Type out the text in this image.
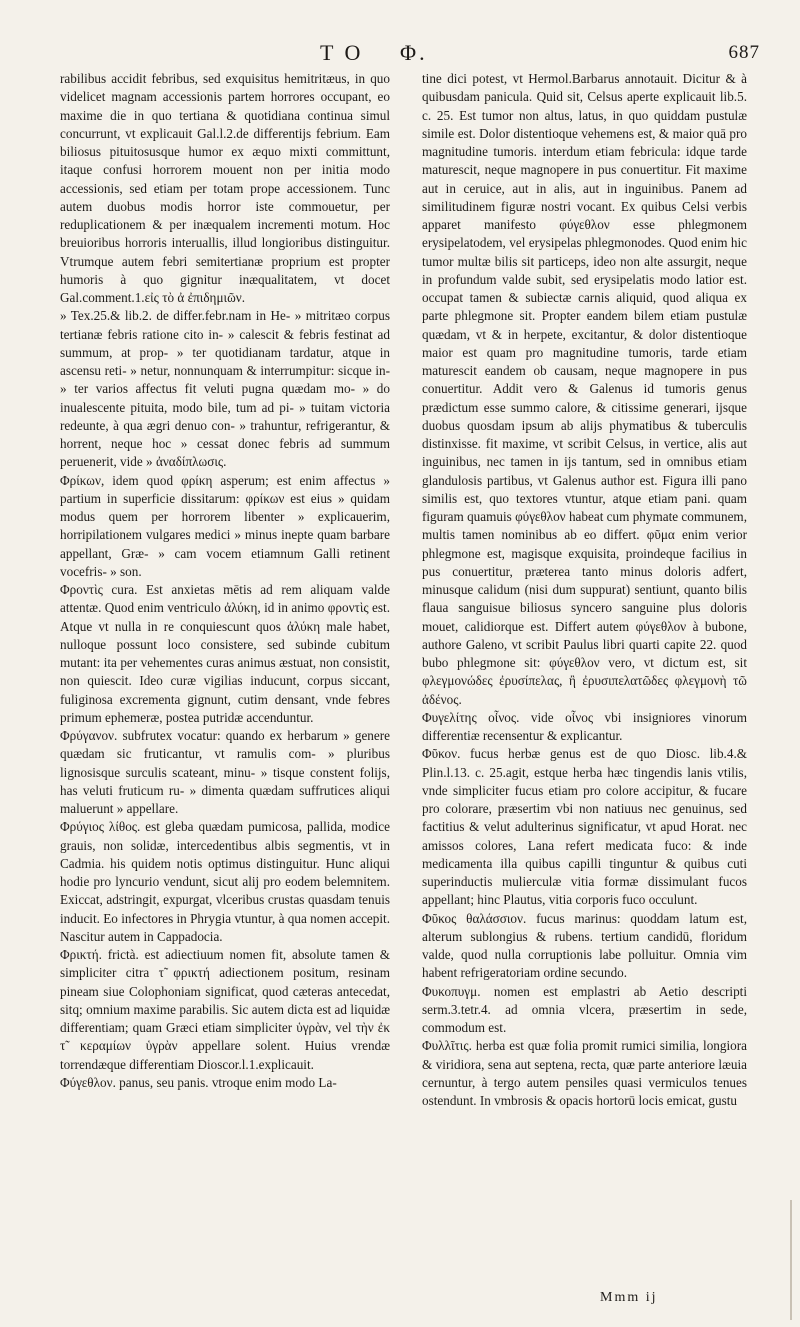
T O Φ.	687

rabilibus accidit febribus, sed exquisitus hemitritæus, in quo videlicet magnam accessionis partem horrores occupant, eo maxime die in quo tertiana & quotidiana continua simul concurrunt, vt explicauit Gal.l.2.de differentijs febrium. Eam biliosus pituitosusque humor ex æquo mixti committunt, itaque confusi horrorem mouent non per initia modo accessionis, sed etiam per totam prope accessionem. Tunc autem duobus modis horror iste commouetur, per reduplicationem & per inæqualem incrementi motum. Hoc breuioribus horroris interuallis, illud longioribus distinguitur. Vtrumque autem febri semitertianæ proprium est propter humoris à quo gignitur inæqualitatem, vt docet Gal.comment.1.εἰς τὸ ἀ ἐπιδημιῶν.

» Tex.25.& lib.2. de differ.febr.nam in He- » mitritæo corpus tertianæ febris ratione cito in- » calescit & febris festinat ad summum, at prop- » ter quotidianam tardatur, atque in ascensu reti- » netur, nonnunquam & interrumpitur: sicque in- » ter varios affectus fit veluti pugna quædam mo- » do inualescente pituita, modo bile, tum ad pi- » tuitam victoria redeunte, à qua ægri denuo con- » trahuntur, refrigerantur, & horrent, neque hoc » cessat donec febris ad summum peruenerit, vide » ἀναδίπλωσις.

Φρίκων, idem quod φρίκη asperum; est enim affectus » partium in superficie dissitarum: φρίκων est eius » quidam modus quem per horrorem libenter » explicauerim, horripilationem vulgares medici » minus inepte quam barbare appellant, Græ- » cam vocem etiamnum Galli retinent vocefris- » son.

Φροντὶς cura. Est anxietas mētis ad rem aliquam valde attentæ. Quod enim ventriculo ἀλύκη, id in animo φροντὶς est. Atque vt nulla in re conquiescunt quos ἀλύκη male habet, nulloque possunt loco consistere, sed subinde cubitum mutant: ita per vehementes curas animus æstuat, non consistit, non quiescit. Ideo curæ vigilias inducunt, corpus siccant, fuliginosa excrementa gignunt, cutim densant, vnde febres primum ephemeræ, postea putridæ accenduntur.

Φρύγανον. subfrutex vocatur: quando ex herbarum » genere quædam sic fruticantur, vt ramulis com- » pluribus lignosisque surculis scateant, minu- » tisque constent folijs, has veluti fruticum ru- » dimenta quædam suffrutices aliqui maluerunt » appellare.

Φρύγιος λίθος. est gleba quædam pumicosa, pallida, modice grauis, non solidæ, intercedentibus albis segmentis, vt in Cadmia. his quidem notis optimus distinguitur. Hunc aliqui hodie pro lyncurio vendunt, sicut alij pro eodem belemnitem. Exiccat, adstringit, expurgat, vlceribus crustas quasdam tenuis inducit. Eo infectores in Phrygia vtuntur, à qua nomen accepit. Nascitur autem in Cappadocia.

Φρικτή. frictà. est adiectiuum nomen fit, absolute tamen & simpliciter citra τ̃ φρικτή adiectionem positum, resinam pineam siue Colophoniam significat, quod cæteras antecedat, sitq; omnium maxime parabilis. Sic autem dicta est ad liquidæ differentiam; quam Græci etiam simpliciter ὑγρὰν, vel τὴν ἐκ τ̃ κεραμίων ὑγρὰν appellare solent. Huius vrendæ torrendæque differentiam Dioscor.l.1.explicauit.

Φύγεθλον. panus, seu panis. vtroque enim modo La-

tine dici potest, vt Hermol.Barbarus annotauit. Dicitur & à quibusdam panicula. Quid sit, Celsus aperte explicauit lib.5. c. 25. Est tumor non altus, latus, in quo quiddam pustulæ simile est. Dolor distentioque vehemens est, & maior quā pro magnitudine tumoris. interdum etiam febricula: idque tarde maturescit, neque magnopere in pus conuertitur. Fit maxime aut in ceruice, aut in alis, aut in inguinibus. Panem ad similitudinem figuræ nostri vocant. Ex quibus Celsi verbis apparet manifesto φύγεθλον esse phlegmonem erysipelatodem, vel erysipelas phlegmonodes. Quod enim hic tumor multæ bilis sit particeps, ideo non alte assurgit, neque in profundum valde subit, sed erysipelatis modo latior est. occupat tamen & subiectæ carnis aliquid, quod aliqua ex parte phlegmone sit. Propter eandem bilem etiam pustulæ quædam, vt & in herpete, excitantur, & dolor distentioque maior est quam pro magnitudine tumoris, tarde etiam maturescit eandem ob causam, neque magnopere in pus conuertitur. Addit vero & Galenus id tumoris genus prædictum esse summo calore, & citissime generari, ijsque duobus quosdam ipsum ab alijs phymatibus & tuberculis distinxisse. fit maxime, vt scribit Celsus, in vertice, alis aut inguinibus, nec tamen in ijs tantum, sed in omnibus etiam glandulosis partibus, vt Galenus author est. Figura illi pano similis est, quo textores vtuntur, atque etiam pani. quam figuram quamuis φύγεθλον habeat cum phymate communem, multis tamen nominibus ab eo differt. φῦμα enim verior phlegmone est, magisque exquisita, proindeque facilius in pus conuertitur, præterea tanto minus doloris adfert, minusque calidum (nisi dum suppurat) sentiunt, quanto bilis flaua sanguisue biliosus syncero sanguine plus doloris mouet, calidiorque est. Differt autem φύγεθλον à bubone, authore Galeno, vt scribit Paulus libri quarti capite 22. quod bubo phlegmone sit: φύγεθλον vero, vt dictum est, sit φλεγμονώδες ἐρυσίπελας, ἢ ἐρυσιπελατῶδες φλεγμονὴ τῶ ἀδένος.

Φυγελίτης οἶνος. vide οἶνος vbi insigniores vinorum differentiæ recensentur & explicantur.

Φῦκον. fucus herbæ genus est de quo Diosc. lib.4.& Plin.l.13. c. 25.agit, estque herba hæc tingendis lanis vtilis, vnde simpliciter fucus etiam pro colore accipitur, & fucare pro colorare, præsertim vbi non natiuus nec genuinus, sed factitius & velut adulterinus significatur, vt apud Horat. nec amissos colores, Lana refert medicata fuco: & inde medicamenta illa quibus capilli tinguntur & quibus cuti superinductis mulierculæ vitia formæ dissimulant fucos appellant; hinc Plautus, vitia corporis fuco occulunt.

Φῦκος θαλάσσιον. fucus marinus: quoddam latum est, alterum sublongius & rubens. tertium candidū, floridum valde, quod nulla corruptionis labe polluitur. Omnia vim habent refrigeratoriam ordine secundo.

Φυκοπυγμ. nomen est emplastri ab Aetio descripti serm.3.tetr.4. ad omnia vlcera, præsertim in sede, commodum est.

Φυλλῖτις. herba est quæ folia promit rumici similia, longiora & viridiora, sena aut septena, recta, quæ parte anteriore læuia cernuntur, à tergo autem pensiles quasi vermiculos tenues ostendunt. In vmbrosis & opacis hortorū locis emicat, gustu

Mmm ij
